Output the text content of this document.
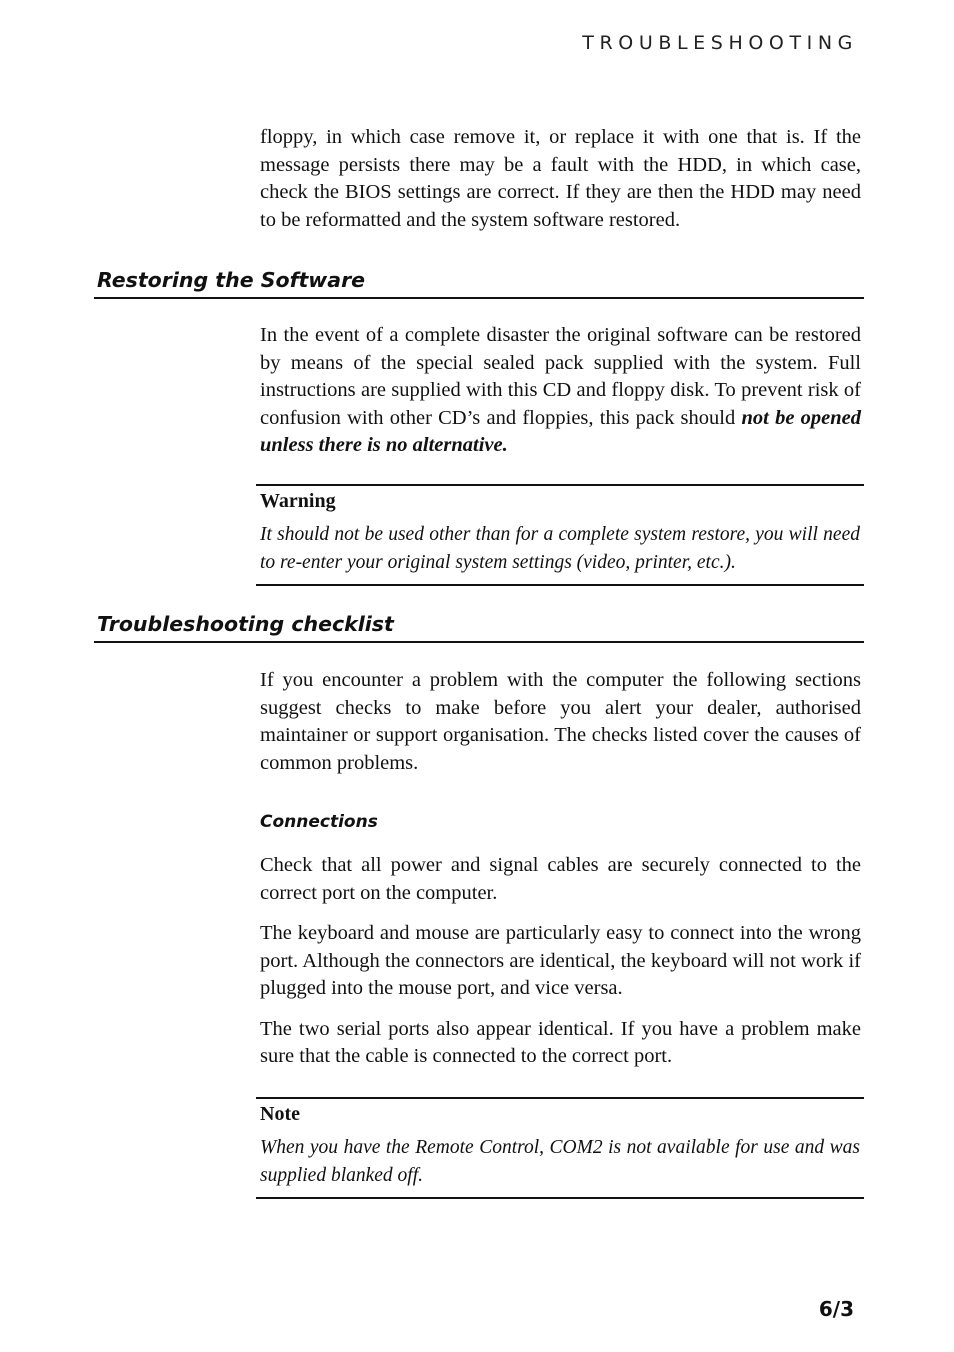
TROUBLESHOOTING

floppy, in which case remove it, or replace it with one that is. If the message persists there may be a fault with the HDD, in which case, check the BIOS settings are correct. If they are then the HDD may need to be reformatted and the system software restored.

Restoring the Software

In the event of a complete disaster the original software can be restored by means of the special sealed pack supplied with the system. Full instructions are supplied with this CD and floppy disk. To prevent risk of confusion with other CD’s and floppies, this pack should not be opened unless there is no alternative.

Warning

It should not be used other than for a complete system restore, you will need to re-enter your original system settings (video, printer, etc.).

Troubleshooting checklist

If you encounter a problem with the computer the following sections suggest checks to make before you alert your dealer, authorised maintainer or support organisation. The checks listed cover the causes of common problems.

Connections

Check that all power and signal cables are securely connected to the correct port on the computer.

The keyboard and mouse are particularly easy to connect into the wrong port. Although the connectors are identical, the keyboard will not work if plugged into the mouse port, and vice versa.

The two serial ports also appear identical. If you have a problem make sure that the cable is connected to the correct port.

Note

When you have the Remote Control, COM2 is not available for use and was supplied blanked off.

6/3
